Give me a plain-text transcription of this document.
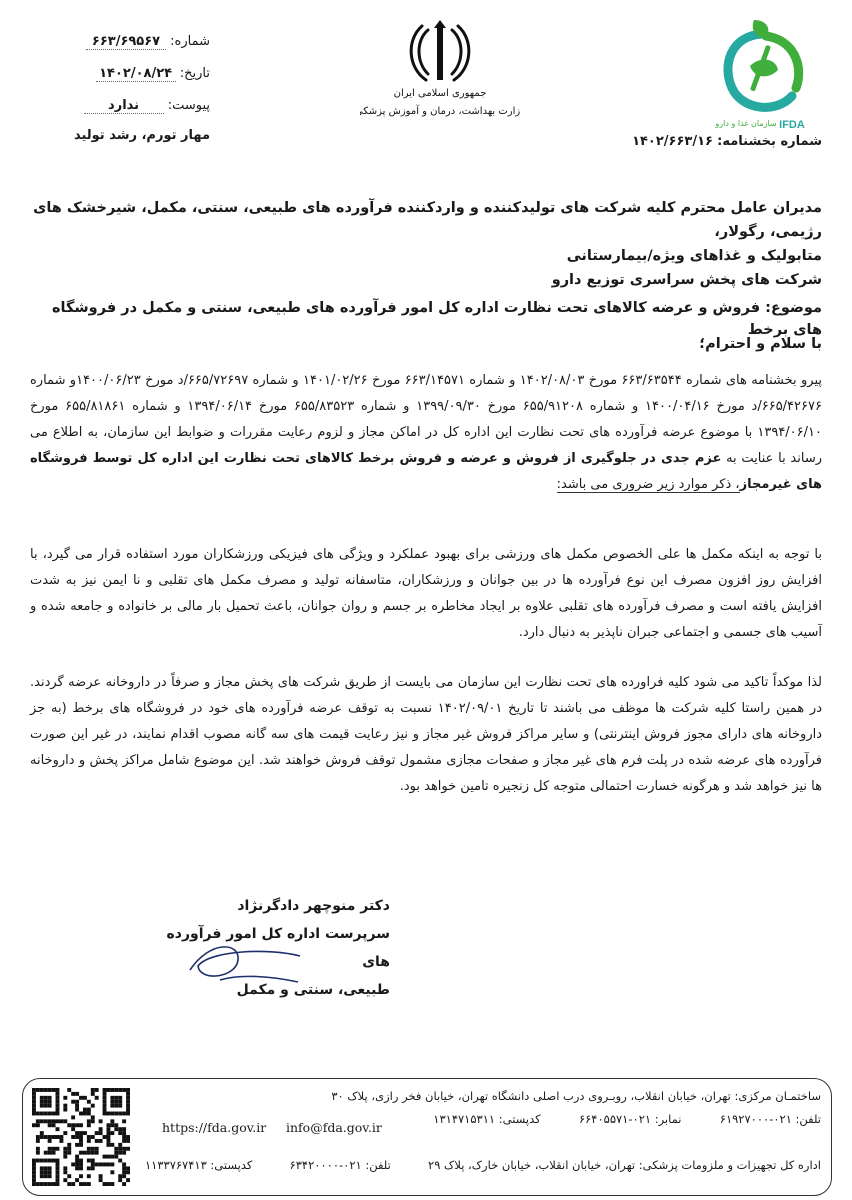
شماره: ۶۶۳/۶۹۵۶۷
تاریخ: ۱۴۰۲/۰۸/۲۴
پیوست: ندارد
مهار تورم، رشد تولید
جمهوری اسلامی ایران
وزارت بهداشت، درمان و آموزش پزشکی
سازمان غذا و دارو IFDA
شماره بخشنامه: ۱۴۰۲/۶۶۳/۱۶
مدیران عامل محترم کلیه شرکت های تولیدکننده و واردکننده فرآورده های طبیعی، سنتی، مکمل، شیرخشک های رژیمی، رگولار،
متابولیک و غذاهای ویژه/بیمارستانی
شرکت های پخش سراسری توزیع دارو
موضوع: فروش و عرضه کالاهای تحت نظارت اداره کل امور فرآورده های طبیعی، سنتی و مکمل در فروشگاه های برخط
با سلام و احترام؛
پیرو بخشنامه های شماره ۶۶۳/۶۳۵۴۴ مورخ ۱۴۰۲/۰۸/۰۳ و شماره ۶۶۳/۱۴۵۷۱ مورخ ۱۴۰۱/۰۲/۲۶ و شماره ۶۶۵/۷۲۶۹۷/د مورخ ۱۴۰۰/۰۶/۲۳و شماره ۶۶۵/۴۲۶۷۶/د مورخ ۱۴۰۰/۰۴/۱۶ و شماره ۶۵۵/۹۱۲۰۸ مورخ ۱۳۹۹/۰۹/۳۰ و شماره ۶۵۵/۸۳۵۲۳ مورخ ۱۳۹۴/۰۶/۱۴ و شماره ۶۵۵/۸۱۸۶۱ مورخ ۱۳۹۴/۰۶/۱۰ با موضوع عرضه فرآورده های تحت نظارت این اداره کل در اماکن مجاز و لزوم رعایت مقررات و ضوابط این سازمان، به اطلاع می رساند با عنایت به عزم جدی در جلوگیری از فروش و عرضه و فروش برخط کالاهای تحت نظارت این اداره کل توسط فروشگاه های غیرمجاز، ذکر موارد زیر ضروری می باشد:
با توجه به اینکه مکمل ها علی الخصوص مکمل های ورزشی برای بهبود عملکرد و ویژگی های فیزیکی ورزشکاران مورد استفاده قرار می گیرد، با افزایش روز افزون مصرف این نوع فرآورده ها در بین جوانان و ورزشکاران، متاسفانه تولید و مصرف مکمل های تقلبی و نا ایمن نیز به شدت افزایش یافته است و مصرف فرآورده های تقلبی علاوه بر ایجاد مخاطره بر جسم و روان جوانان، باعث تحمیل بار مالی بر خانواده و جامعه شده و آسیب های جسمی و اجتماعی جبران ناپذیر به دنبال دارد.
لذا موکداً تاکید می شود کلیه فراورده های تحت نظارت این سازمان می بایست از طریق شرکت های پخش مجاز و صرفاً در داروخانه عرضه گردند. در همین راستا کلیه شرکت ها موظف می باشند تا تاریخ ۱۴۰۲/۰۹/۰۱ نسبت به توقف عرضه فرآورده های خود در فروشگاه های برخط (به جز داروخانه های دارای مجوز فروش اینترنتی) و سایر مراکز فروش غیر مجاز و نیز رعایت قیمت های سه گانه مصوب اقدام نمایند، در غیر این صورت فرآورده های عرضه شده در پلت فرم های غیر مجاز و صفحات مجازی مشمول توقف فروش خواهند شد. این موضوع شامل مراکز پخش و داروخانه ها نیز خواهد شد و هرگونه خسارت احتمالی متوجه کل زنجیره تامین خواهد بود.
دکتر منوچهر دادگرنژاد
سرپرست اداره کل امور فرآورده های
طبیعی، سنتی و مکمل
ساختمـان مرکزی: تهران، خیابان انقلاب، روبـروی درب اصلی دانشگاه تهران، خیابان فخر رازی، پلاک ۳۰
تلفن: ۰۲۱-۶۱۹۲۷۰۰۰
نمابر: ۰۲۱-۶۶۴۰۵۵۷۱
کدپستی: ۱۳۱۴۷۱۵۳۱۱
اداره کل تجهیزات و ملزومات پزشکی: تهران، خیابان انقلاب، خیابان خارک، پلاک ۲۹
تلفن: ۰۲۱-۶۳۴۲۰۰۰۰
کدپستی: ۱۱۳۳۷۶۷۴۱۳
https://fda.gov.ir info@fda.gov.ir
